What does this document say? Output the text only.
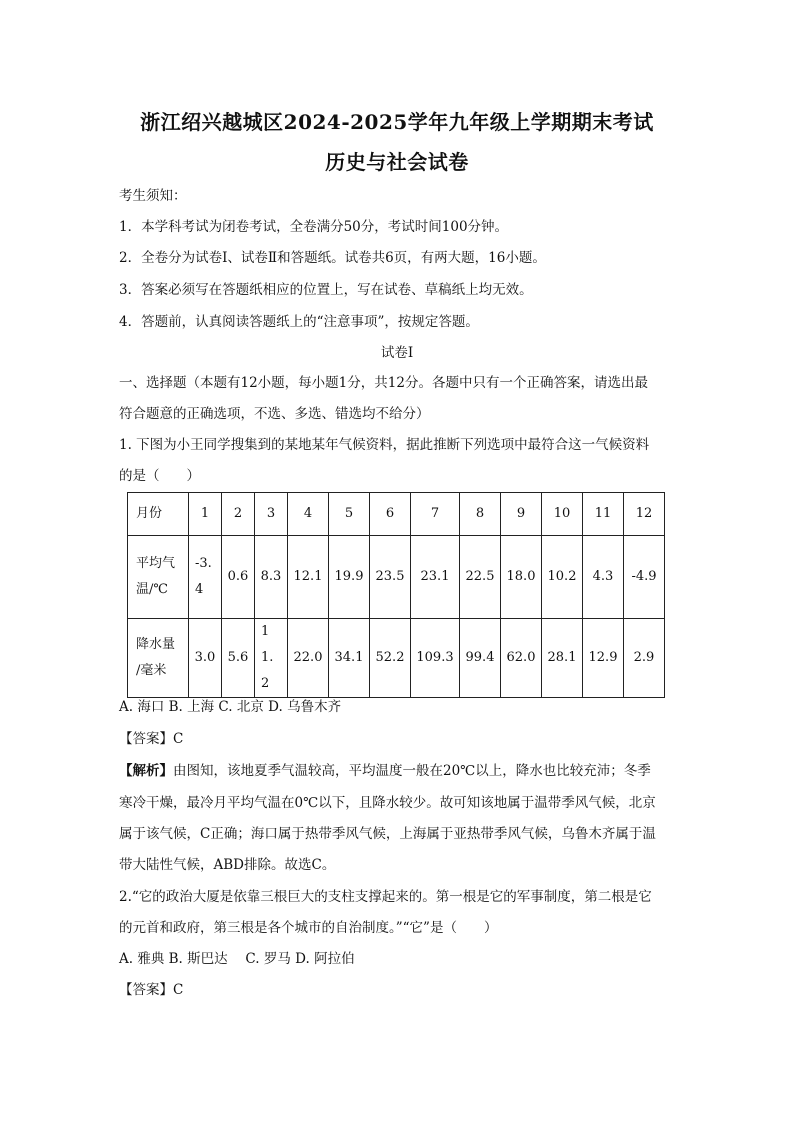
浙江绍兴越城区2024-2025学年九年级上学期期末考试
历史与社会试卷
考生须知：
1．本学科考试为闭卷考试，全卷满分50分，考试时间100分钟。
2．全卷分为试卷Ⅰ、试卷Ⅱ和答题纸。试卷共6页，有两大题，16小题。
3．答案必须写在答题纸相应的位置上，写在试卷、草稿纸上均无效。
4．答题前，认真阅读答题纸上的“注意事项”，按规定答题。
试卷Ⅰ
一、选择题（本题有12小题，每小题1分，共12分。各题中只有一个正确答案，请选出最
符合题意的正确选项，不选、多选、错选均不给分）
1. 下图为小王同学搜集到的某地某年气候资料，据此推断下列选项中最符合这一气候资料
的是（　　）
月份	1	2	3	4	5	6	7	8	9	10	11	12

平均气
温/℃	-3.4	0.6	8.3	12.1	19.9	23.5	23.1	22.5	18.0	10.2	4.3	-4.9

降水量
/毫米	3.0	5.6	11.2	22.0	34.1	52.2	109.3	99.4	62.0	28.1	12.9	2.9
A. 海口 B. 上海 C. 北京 D. 乌鲁木齐
【答案】C
【解析】由图知，该地夏季气温较高，平均温度一般在20℃以上，降水也比较充沛；冬季
寒冷干燥，最冷月平均气温在0℃以下，且降水较少。故可知该地属于温带季风气候，北京
属于该气候，C正确；海口属于热带季风气候，上海属于亚热带季风气候，乌鲁木齐属于温
带大陆性气候，ABD排除。故选C。
2.“它的政治大厦是依靠三根巨大的支柱支撑起来的。第一根是它的军事制度，第二根是它
的元首和政府，第三根是各个城市的自治制度。”“它”是（　　）
A. 雅典 B. 斯巴达　 C. 罗马 D. 阿拉伯
【答案】C
